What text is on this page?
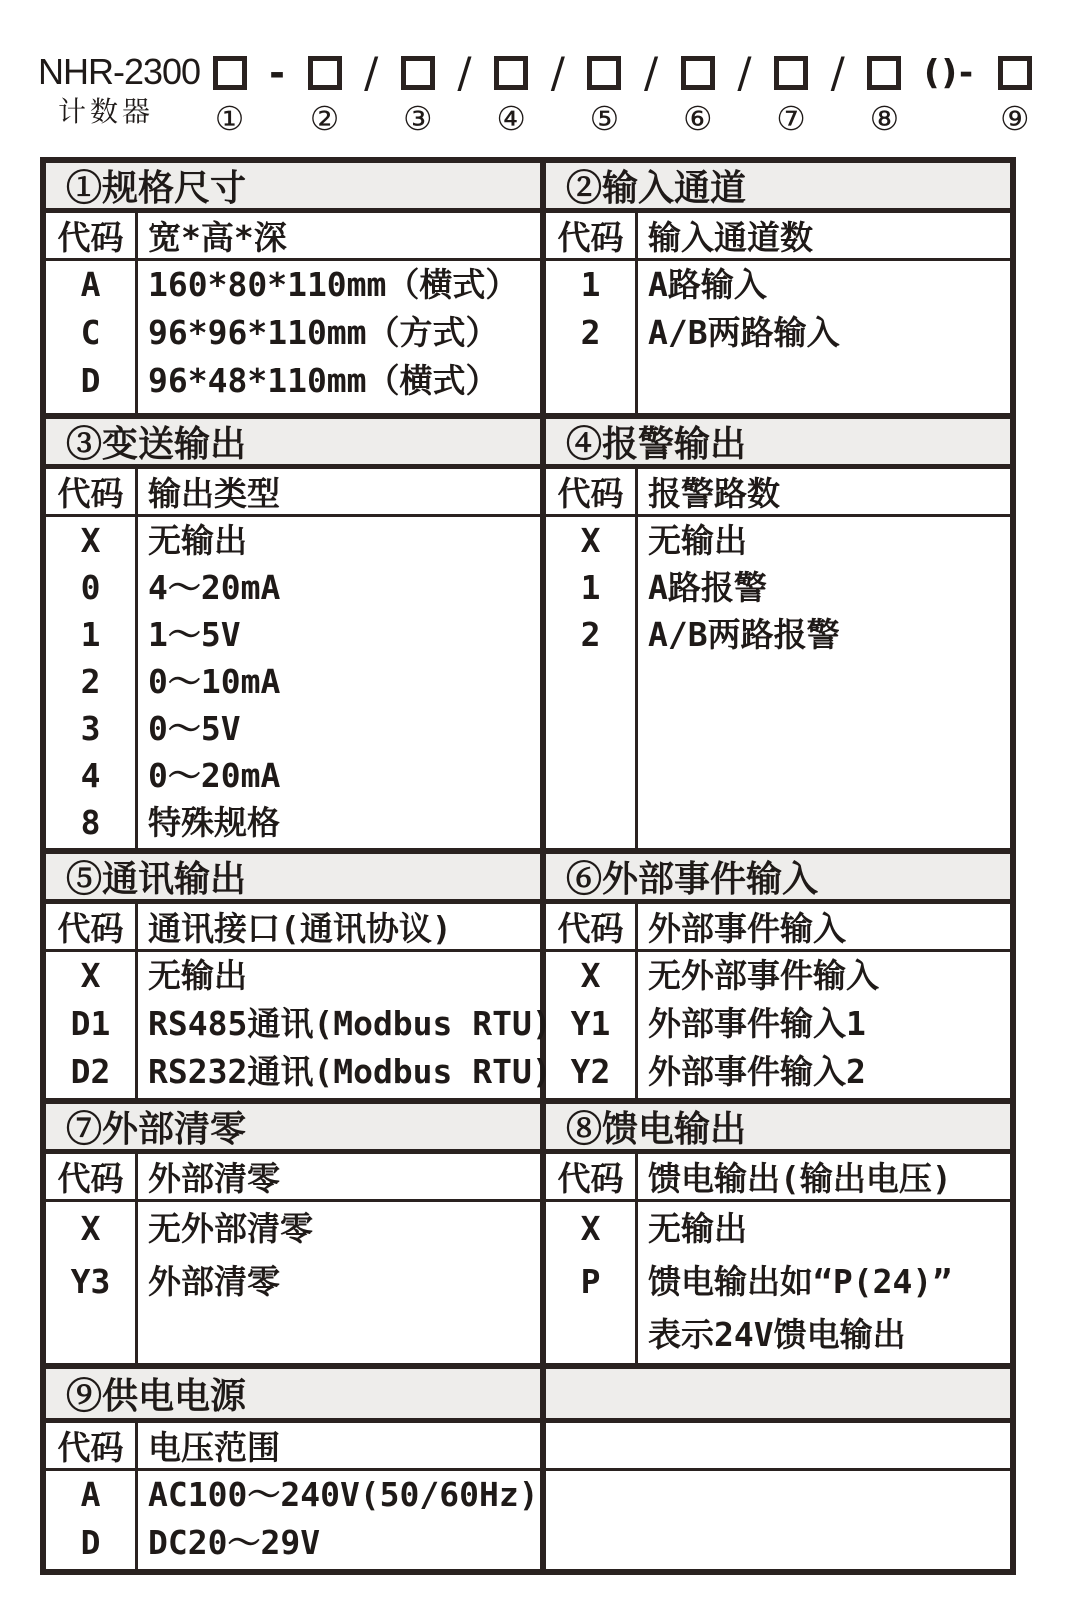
NHR-2300
计数器	①
-
②
/
③
/
④
/
⑤
/
⑥
/
⑦
/
⑧
()-
⑨
①规格尺寸
代码 宽*高*深
A
C
D
160*80*110mm（横式）
96*96*110mm（方式）
96*48*110mm（横式）
②输入通道
代码 输入通道数
1
2
A路输入
A/B两路输入
③变送输出
代码 输出类型
X
0
1
2
3
4
8
无输出
4～20mA
1～5V
0～10mA
0～5V
0～20mA
特殊规格
④报警输出
代码 报警路数
X
1
2
无输出
A路报警
A/B两路报警
⑤通讯输出
代码 通讯接口(通讯协议)
X
D1
D2
无输出
RS485通讯(Modbus RTU)
RS232通讯(Modbus RTU)
⑥外部事件输入
代码 外部事件输入
X
Y1
Y2
无外部事件输入
外部事件输入1
外部事件输入2
⑦外部清零
代码 外部清零
X
Y3
无外部清零
外部清零
⑧馈电输出
代码 馈电输出(输出电压)
X
P
无输出
馈电输出如“P(24)”
表示24V馈电输出
⑨供电电源
代码 电压范围
A
D
AC100～240V(50/60Hz)
DC20～29V
